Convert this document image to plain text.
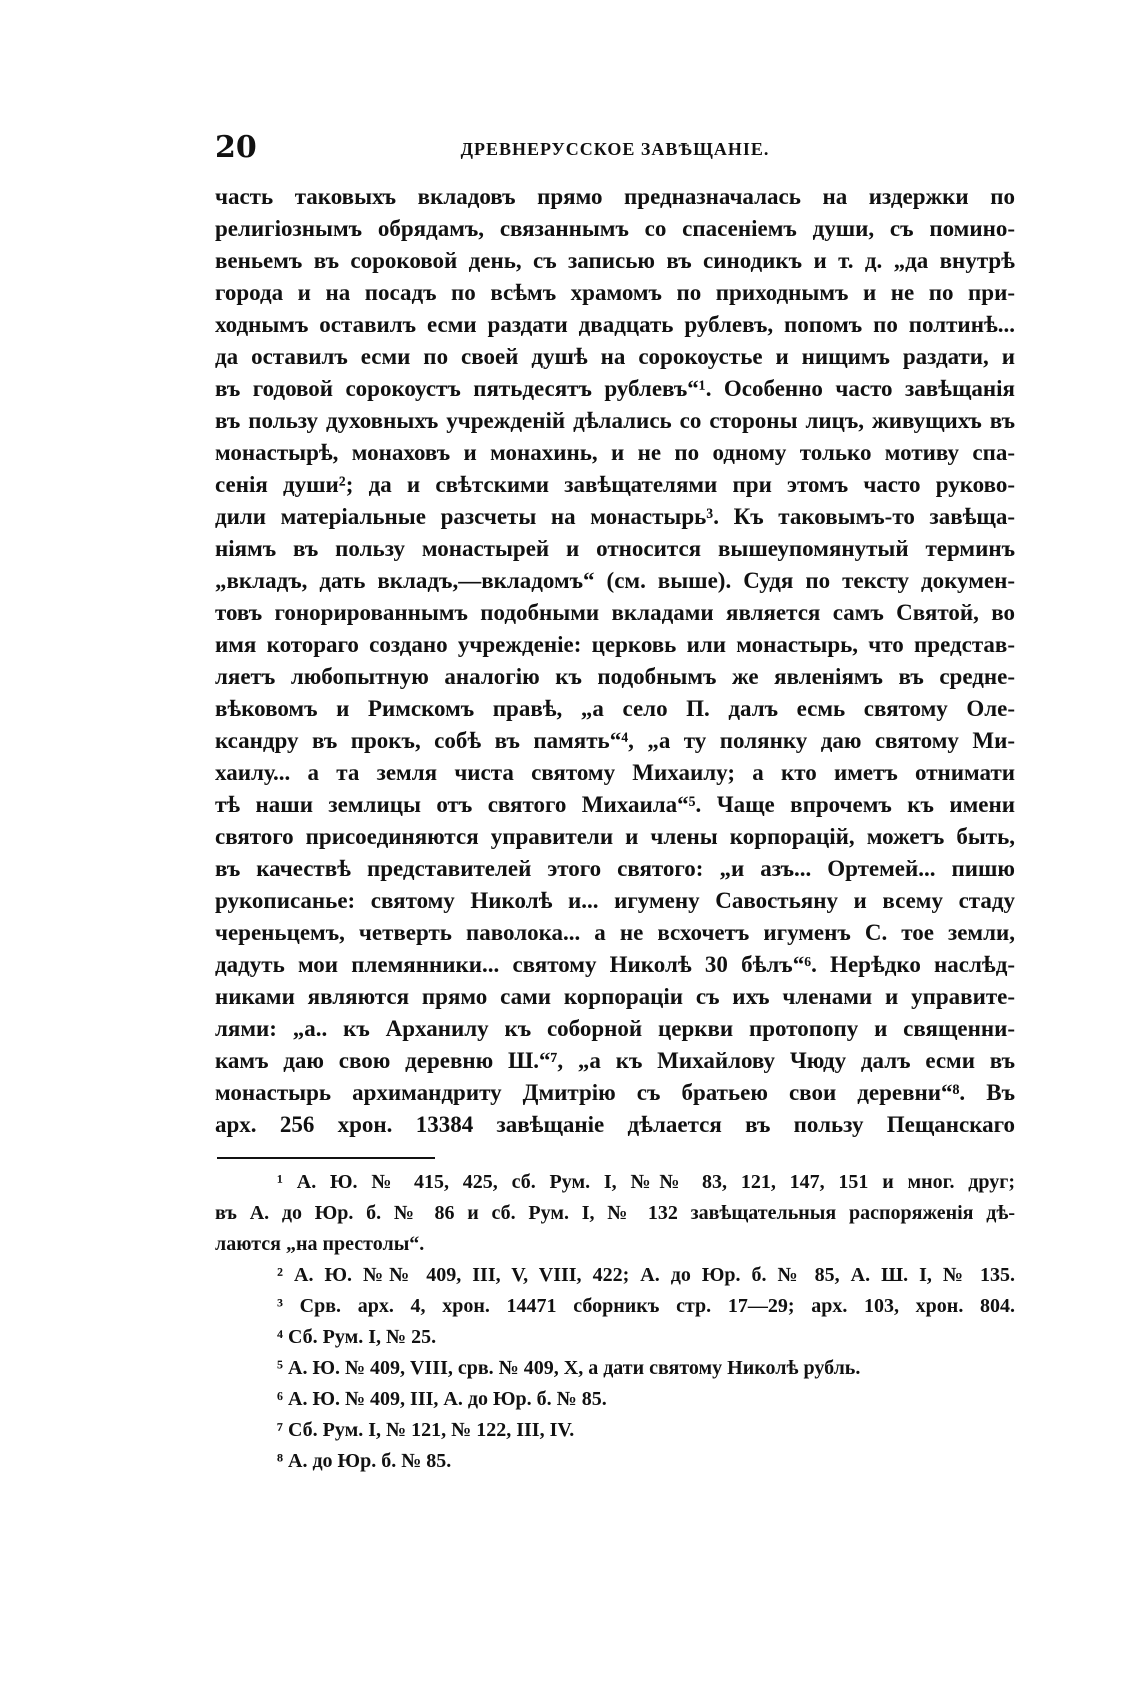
20	ДРЕВНЕРУССКОЕ ЗАВѢЩАНІЕ.
часть таковыхъ вкладовъ прямо предназначалась на издержки по
религіознымъ обрядамъ, связаннымъ со спасеніемъ души, съ помино-
веньемъ въ сороковой день, съ записью въ синодикъ и т. д. „да внутрѣ
города и на посадъ по всѣмъ храмомъ по приходнымъ и не по при-
ходнымъ оставилъ есми раздати двадцать рублевъ, попомъ по полтинѣ...
да оставилъ есми по своей душѣ на сорокоустье и нищимъ раздати, и
въ годовой сорокоустъ пятьдесятъ рублевъ“¹. Особенно часто завѣщанія
въ пользу духовныхъ учрежденій дѣлались со стороны лицъ, живущихъ въ
монастырѣ, монаховъ и монахинь, и не по одному только мотиву спа-
сенія души²; да и свѣтскими завѣщателями при этомъ часто руково-
дили матеріальные разсчеты на монастырь³. Къ таковымъ-то завѣща-
ніямъ въ пользу монастырей и относится вышеупомянутый терминъ
„вкладъ, дать вкладъ,—вкладомъ“ (см. выше). Судя по тексту докумен-
товъ гонорированнымъ подобными вкладами является самъ Святой, во
имя котораго создано учрежденіе: церковь или монастырь, что представ-
ляетъ любопытную аналогію къ подобнымъ же явленіямъ въ средне-
вѣковомъ и Римскомъ правѣ, „а село П. далъ есмь святому Оле-
ксандру въ прокъ, собѣ въ память“⁴, „а ту полянку даю святому Ми-
хаилу... а та земля чиста святому Михаилу; а кто иметъ отнимати
тѣ наши землицы отъ святого Михаила“⁵. Чаще впрочемъ къ имени
святого присоединяются управители и члены корпорацій, можетъ быть,
въ качествѣ представителей этого святого: „и азъ... Ортемей... пишю
рукописанье: святому Николѣ и... игумену Савостьяну и всему стаду
череньцемъ, четверть паволока... а не всхочетъ игуменъ С. тое земли,
дадуть мои племянники... святому Николѣ 30 бѣлъ“⁶. Нерѣдко наслѣд-
никами являются прямо сами корпораціи съ ихъ членами и управите-
лями: „а.. къ Арханилу къ соборной церкви протопопу и священни-
камъ даю свою деревню Ш.“⁷, „а къ Михайлову Чюду далъ есми въ
монастырь архимандриту Дмитрію съ братьею свои деревни“⁸. Въ
арх. 256 хрон. 13384 завѣщаніе дѣлается въ пользу Пещанскаго
¹ А. Ю. № 415, 425, сб. Рум. I, №№ 83, 121, 147, 151 и мног. друг;
въ А. до Юр. б. № 86 и сб. Рум. I, № 132 завѣщательныя распоряженія дѣ-
лаются „на престолы“.
² А. Ю. №№ 409, III, V, VIII, 422; А. до Юр. б. № 85, А. Ш. I, № 135.
³ Срв. арх. 4, хрон. 14471 сборникъ стр. 17—29; арх. 103, хрон. 804.
⁴ Сб. Рум. I, № 25.
⁵ А. Ю. № 409, VIII, срв. № 409, X, а дати святому Николѣ рубль.
⁶ А. Ю. № 409, III, А. до Юр. б. № 85.
⁷ Сб. Рум. I, № 121, № 122, III, IV.
⁸ А. до Юр. б. № 85.
